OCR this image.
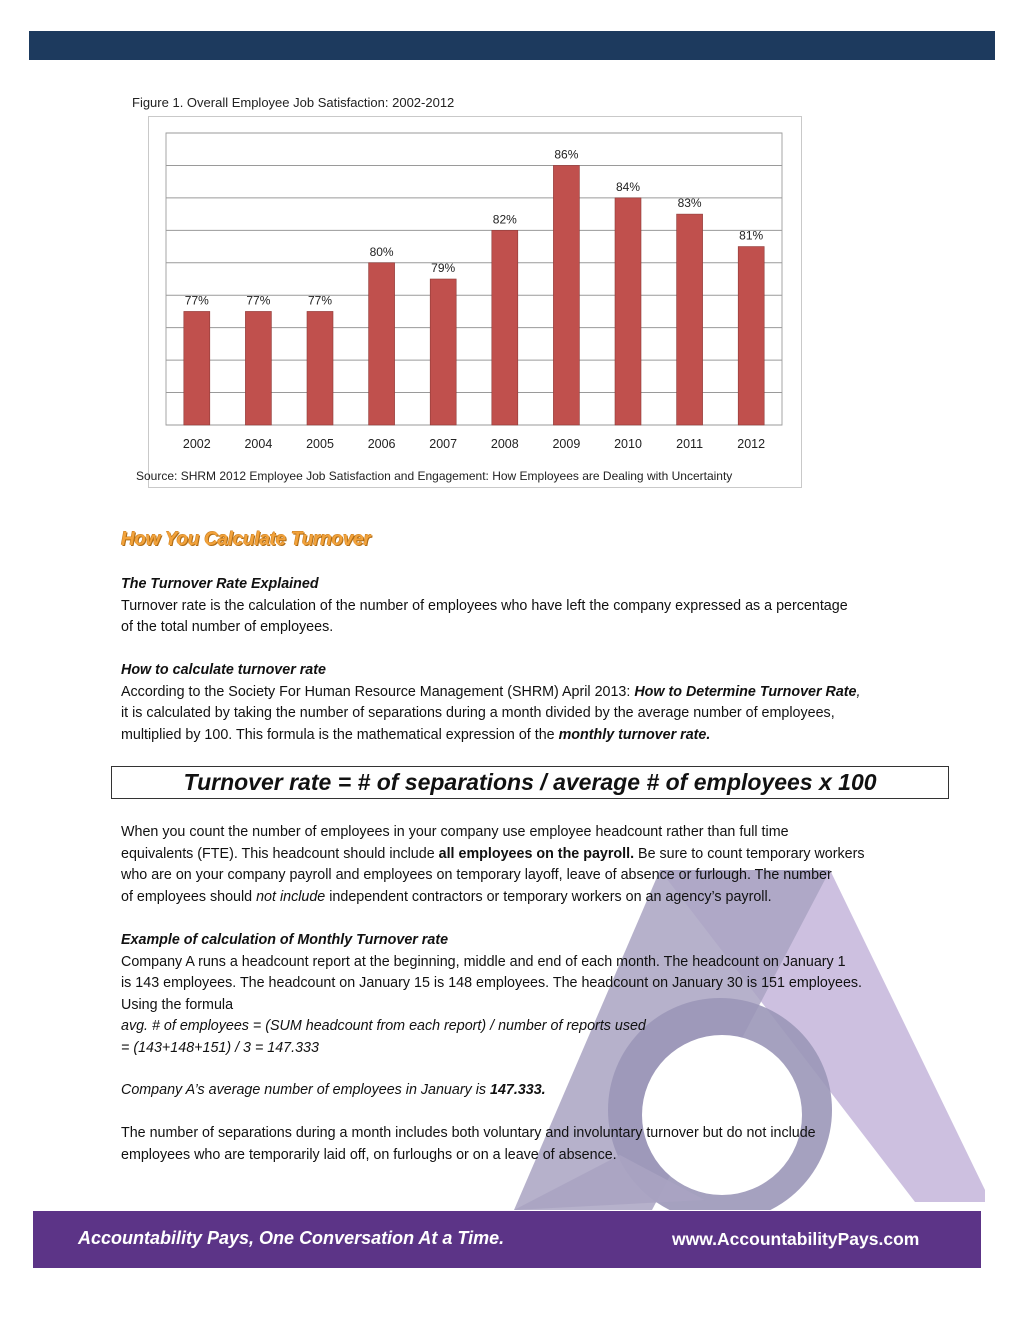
Figure 1. Overall Employee Job Satisfaction: 2002-2012
77%
2002
77%
2004
77%
2005
80%
2006
79%
2007
82%
2008
86%
2009
84%
2010
83%
2011
81%
2012
Source: SHRM 2012 Employee Job Satisfaction and Engagement: How Employees are Dealing with Uncertainty
How You Calculate Turnover
The Turnover Rate Explained
Turnover rate is the calculation of the number of employees who have left the company expressed as a percentage
of the total number of employees.
How to calculate turnover rate
According to the Society For Human Resource Management (SHRM) April 2013: How to Determine Turnover Rate,
it is calculated by taking the number of separations during a month divided by the average number of employees,
multiplied by 100. This formula is the mathematical expression of the monthly turnover rate.
Turnover rate = # of separations / average # of employees x 100
When you count the number of employees in your company use employee headcount rather than full time
equivalents (FTE). This headcount should include all employees on the payroll. Be sure to count temporary workers
who are on your company payroll and employees on temporary layoff, leave of absence or furlough. The number
of employees should not include independent contractors or temporary workers on an agency’s payroll.
Example of calculation of Monthly Turnover rate
Company A runs a headcount report at the beginning, middle and end of each month. The headcount on January 1
is 143 employees. The headcount on January 15 is 148 employees. The headcount on January 30 is 151 employees.
Using the formula
avg. # of employees = (SUM headcount from each report) / number of reports used
= (143+148+151) / 3 = 147.333
Company A’s average number of employees in January is 147.333.
The number of separations during a month includes both voluntary and involuntary turnover but do not include
employees who are temporarily laid off, on furloughs or on a leave of absence.
Accountability Pays, One Conversation At a Time.	www.AccountabilityPays.com
